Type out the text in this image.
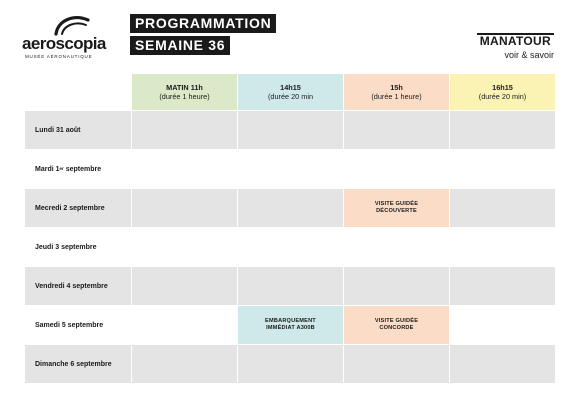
aeroscopia
MUSÉE AÉRONAUTIQUE
PROGRAMMATION
SEMAINE 36	MANATOUR
voir & savoir
MATIN 11h
(durée 1 heure)
14h15
(durée 20 min
15h
(durée 1 heure)
16h15
(durée 20 min)
Lundi 31 août
Mardi 1 er septembre
Mecredi 2 septembre
VISITE GUIDÉE
DÉCOUVERTE
Jeudi 3 septembre
Vendredi 4 septembre
Samedi 5 septembre
EMBARQUEMENT
IMMÉDIAT A300B
VISITE GUIDÉE
CONCORDE
Dimanche 6 septembre
